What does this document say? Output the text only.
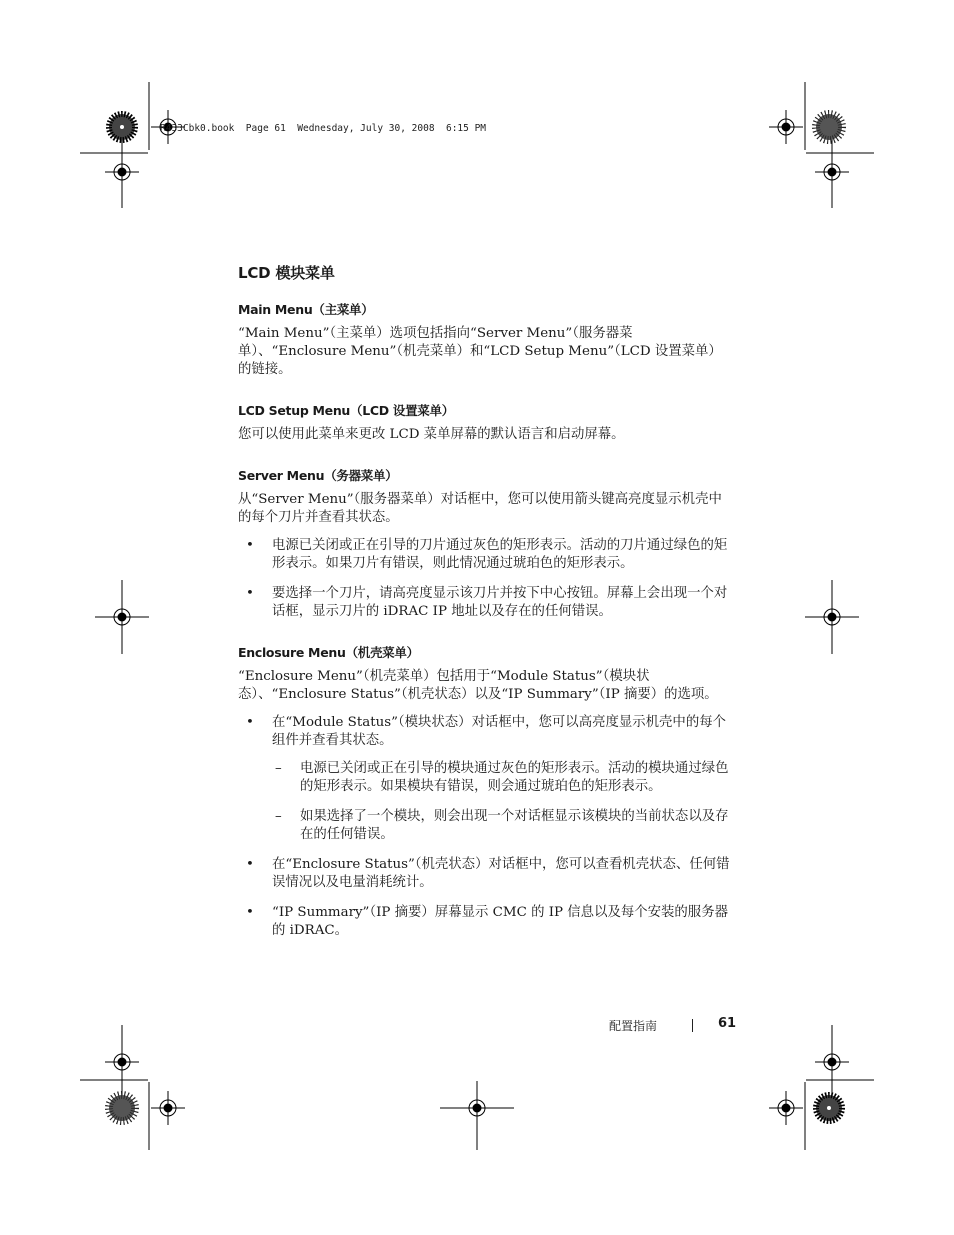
R433Cbk0.book  Page 61  Wednesday, July 30, 2008  6:15 PM
LCD 模块菜单
Main Menu（主菜单）
“Main Menu”（主菜单）选项包括指向“Server Menu”（服务器菜单）、“Enclosure Menu”（机壳菜单）和“LCD Setup Menu”（LCD 设置菜单）的链接。
LCD Setup Menu（LCD 设置菜单）
您可以使用此菜单来更改 LCD 菜单屏幕的默认语言和启动屏幕。
Server Menu（务器菜单）
从“Server Menu”（服务器菜单）对话框中，您可以使用箭头键高亮度显示机壳中的每个刀片并查看其状态。
• 电源已关闭或正在引导的刀片通过灰色的矩形表示。活动的刀片通过绿色的矩形表示。如果刀片有错误，则此情况通过琥珀色的矩形表示。
• 要选择一个刀片，请高亮度显示该刀片并按下中心按钮。屏幕上会出现一个对话框，显示刀片的 iDRAC IP 地址以及存在的任何错误。
Enclosure Menu（机壳菜单）
“Enclosure Menu”（机壳菜单）包括用于“Module Status”（模块状态）、“Enclosure Status”（机壳状态）以及“IP Summary”（IP 摘要）的选项。
• 在“Module Status”（模块状态）对话框中，您可以高亮度显示机壳中的每个组件并查看其状态。
– 电源已关闭或正在引导的模块通过灰色的矩形表示。活动的模块通过绿色的矩形表示。如果模块有错误，则会通过琥珀色的矩形表示。
– 如果选择了一个模块，则会出现一个对话框显示该模块的当前状态以及存在的任何错误。
• 在“Enclosure Status”（机壳状态）对话框中，您可以查看机壳状态、任何错误情况以及电量消耗统计。
• “IP Summary”（IP 摘要）屏幕显示 CMC 的 IP 信息以及每个安装的服务器的 iDRAC。
配置指南	61
